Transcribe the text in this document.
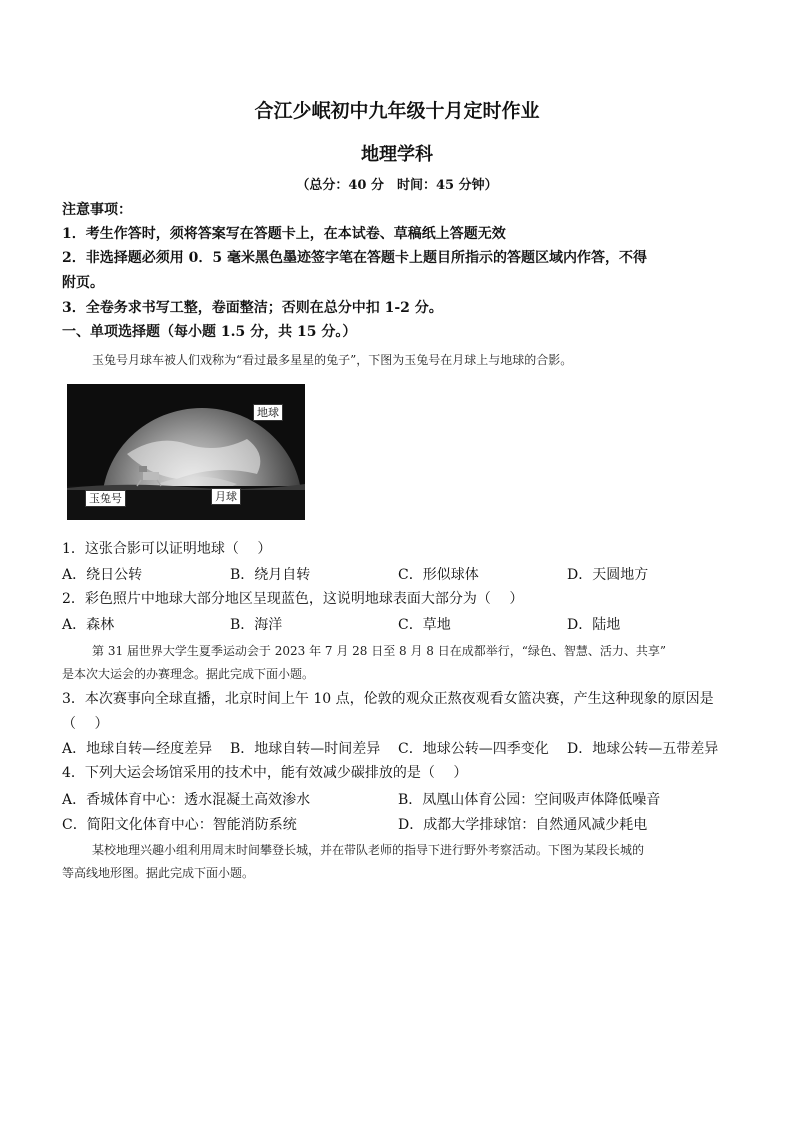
合江少岷初中九年级十月定时作业
地理学科
（总分：40 分　时间：45 分钟）
注意事项：
1．考生作答时，须将答案写在答题卡上，在本试卷、草稿纸上答题无效
2．非选择题必须用 0．5 毫米黑色墨迹签字笔在答题卡上题目所指示的答题区域内作答，不得
附页。
3．全卷务求书写工整，卷面整洁；否则在总分中扣 1-2 分。
一、单项选择题（每小题 1.5 分，共 15 分。）
玉兔号月球车被人们戏称为“看过最多星星的兔子”，下图为玉兔号在月球上与地球的合影。
地球
月球
玉兔号
1．这张合影可以证明地球（　 ）
A．绕日公转	B．绕月自转	C．形似球体	D．天圆地方
2．彩色照片中地球大部分地区呈现蓝色，这说明地球表面大部分为（　 ）
A．森林	B．海洋	C．草地	D．陆地
第 31 届世界大学生夏季运动会于 2023 年 7 月 28 日至 8 月 8 日在成都举行，“绿色、智慧、活力、共享”
是本次大运会的办赛理念。据此完成下面小题。
3．本次赛事向全球直播，北京时间上午 10 点，伦敦的观众正熬夜观看女篮决赛，产生这种现象的原因是
（　 ）
A．地球自转—经度差异 B．地球自转—时间差异 C．地球公转—四季变化 D．地球公转—五带差异
4．下列大运会场馆采用的技术中，能有效减少碳排放的是（　 ）
A．香城体育中心：透水混凝土高效渗水	B．凤凰山体育公园：空间吸声体降低噪音
C．简阳文化体育中心：智能消防系统	D．成都大学排球馆：自然通风减少耗电
某校地理兴趣小组利用周末时间攀登长城，并在带队老师的指导下进行野外考察活动。下图为某段长城的
等高线地形图。据此完成下面小题。
